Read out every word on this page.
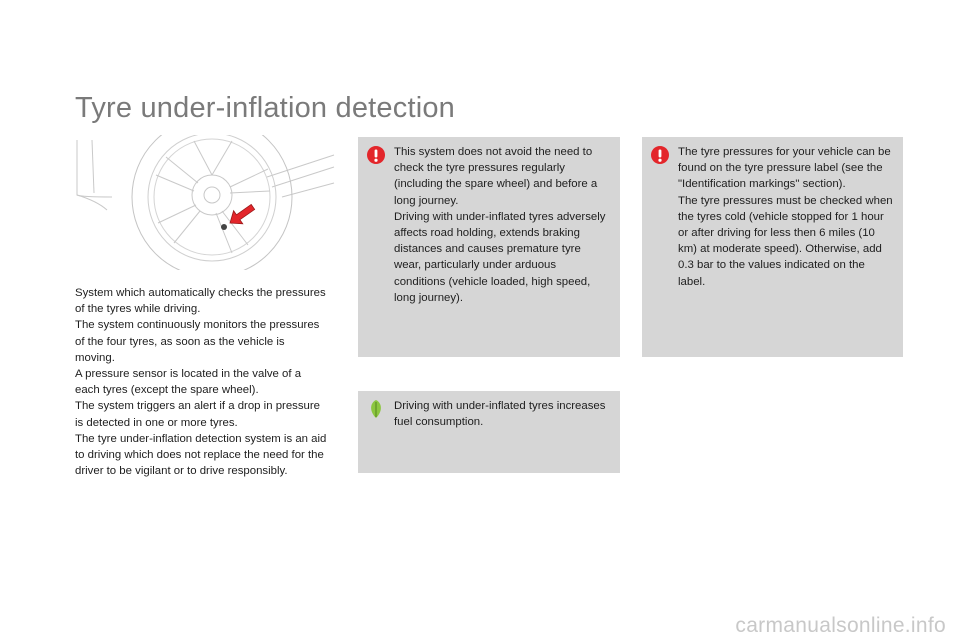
Tyre under-inflation detection

System which automatically checks the pressures of the tyres while driving.

The system continuously monitors the pressures of the four tyres, as soon as the vehicle is moving.

A pressure sensor is located in the valve of a each tyres (except the spare wheel).

The system triggers an alert if a drop in pressure is detected in one or more tyres.

The tyre under-inflation detection system is an aid to driving which does not replace the need for the driver to be vigilant or to drive responsibly.

This system does not avoid the need to check the tyre pressures regularly (including the spare wheel) and before a long journey.

Driving with under-inflated tyres adversely affects road holding, extends braking distances and causes premature tyre wear, particularly under arduous conditions (vehicle loaded, high speed, long journey).

The tyre pressures for your vehicle can be found on the tyre pressure label (see the "Identification markings" section).

The tyre pressures must be checked when the tyres cold (vehicle stopped for 1 hour or after driving for less then 6 miles (10 km) at moderate speed). Otherwise, add 0.3 bar to the values indicated on the label.

Driving with under-inflated tyres increases fuel consumption.

carmanualsonline.info
